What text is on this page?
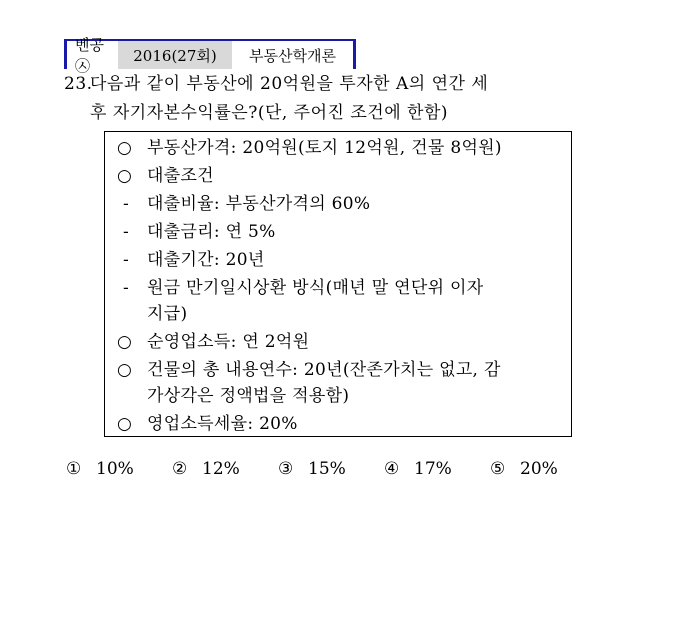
벤공㉦
2016(27회)	부동산학개론
23.다음과 같이 부동산에 20억원을 투자한 A의 연간 세
후 자기자본수익률은?(단, 주어진 조건에 한함)
○ 부동산가격: 20억원(토지 12억원, 건물 8억원)
○ 대출조건
- 대출비율: 부동산가격의 60%
- 대출금리: 연 5%
- 대출기간: 20년
- 원금 만기일시상환 방식(매년 말 연단위 이자
지급)
○ 순영업소득: 연 2억원
○ 건물의 총 내용연수: 20년(잔존가치는 없고, 감
가상각은 정액법을 적용함)
○ 영업소득세율: 20%
① 10% ② 12% ③ 15% ④ 17% ⑤ 20%
